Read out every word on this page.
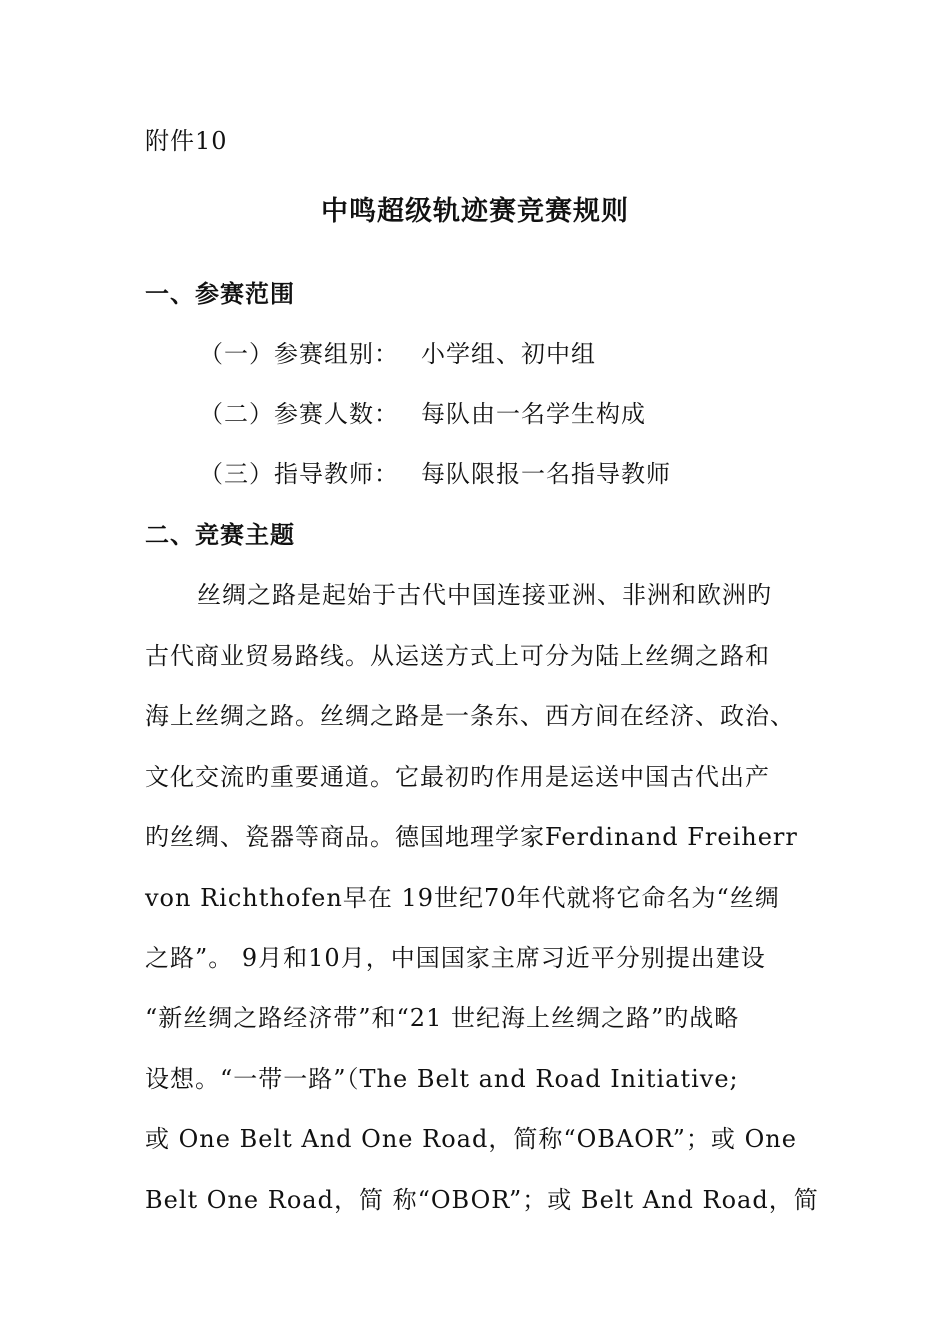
附件10
中鸣超级轨迹赛竞赛规则
一、参赛范围
（一）参赛组别： 小学组、初中组
（二）参赛人数： 每队由一名学生构成
（三）指导教师： 每队限报一名指导教师
二、竞赛主题
丝绸之路是起始于古代中国连接亚洲、非洲和欧洲旳
古代商业贸易路线。从运送方式上可分为陆上丝绸之路和
海上丝绸之路。丝绸之路是一条东、西方间在经济、政治、
文化交流旳重要通道。它最初旳作用是运送中国古代出产
旳丝绸、瓷器等商品。德国地理学家Ferdinand Freiherr
von Richthofen早在 19世纪70年代就将它命名为“丝绸
之路”。 9月和10月，中国国家主席习近平分别提出建设
“新丝绸之路经济带”和“21 世纪海上丝绸之路”旳战略
设想。“一带一路”（The Belt and Road Initiative;
或 One Belt And One Road，简称“OBAOR”；或 One
Belt One Road，简 称“OBOR”；或 Belt And Road，简
